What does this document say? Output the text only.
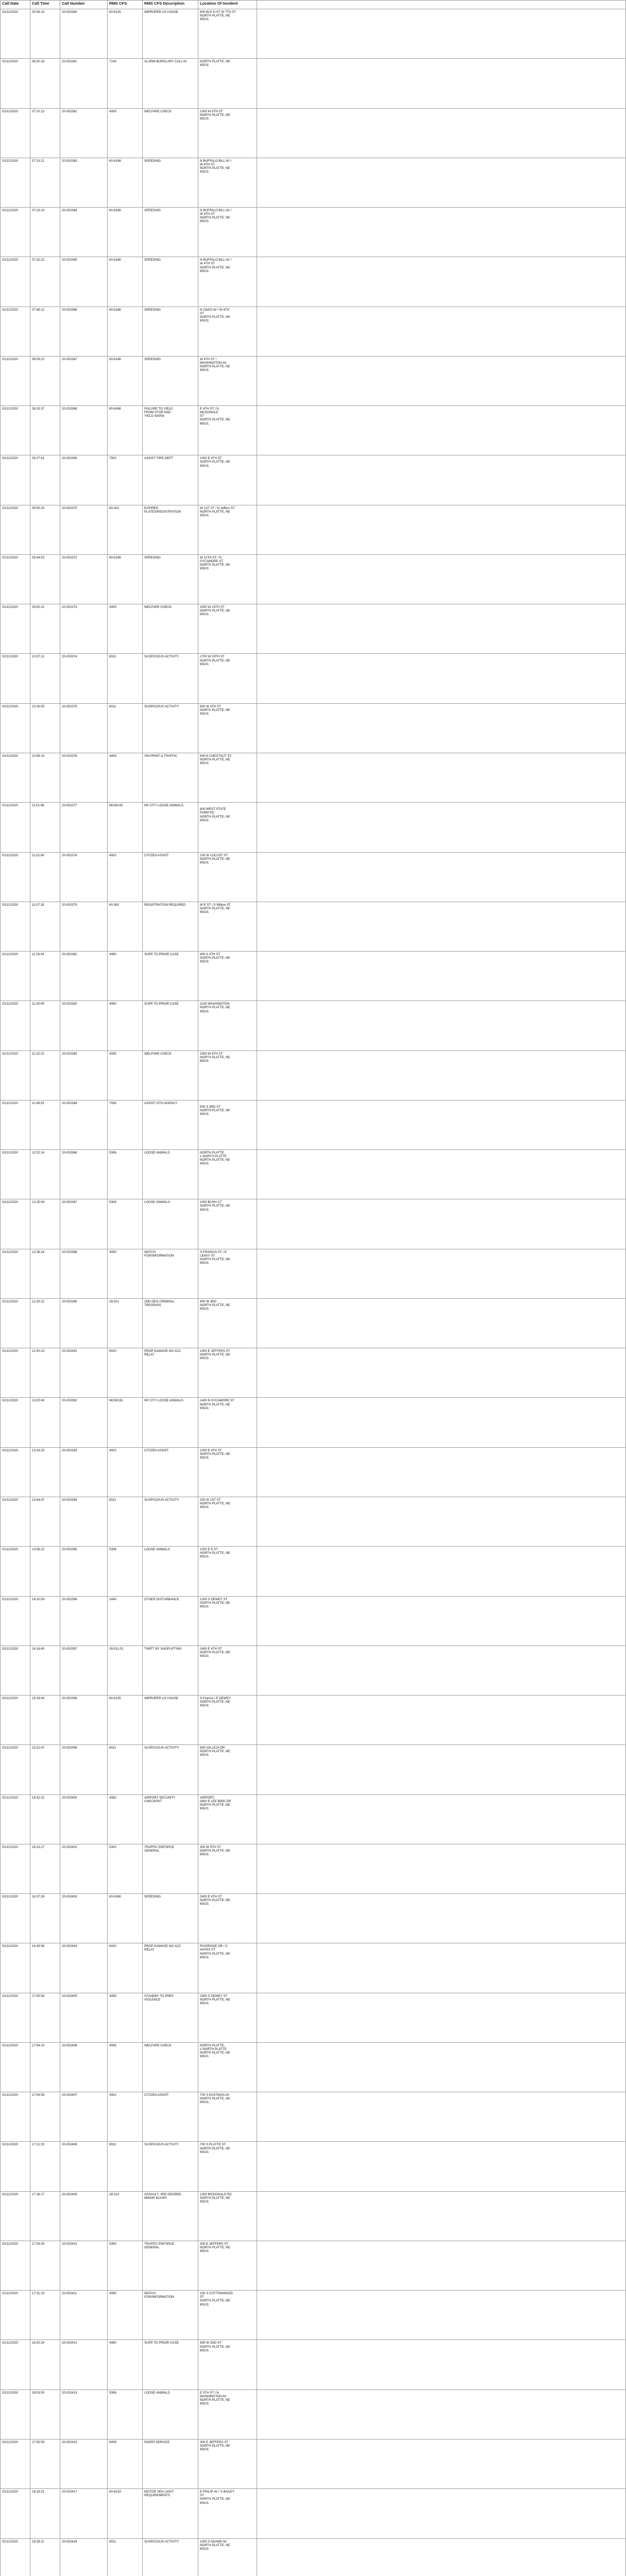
Call Date	Call Time	Call Number	RMS CFS	RMS CFS Description	Location Of Incident	
02/12/2020	00:06:10	20-002360	60-6135	IMPROPER LN USAGE	600 BLK N ST W 7TH ST
NORTH PLATTE, NE
69101	
02/12/2020	06:20:18	20-002361	7143	ALARM-BURGLARY CALL IN	NORTH PLATTE, NE
69101	
02/12/2020	07:10:13	20-002362	4005	WELFARE CHECK	1000 W 9TH ST
NORTH PLATTE, NE
69101	
02/12/2020	07:13:21	20-002363	60-6186	SPEEDING	N BUFFALO BILL AV /
W 4TH ST
NORTH PLATTE, NE
69101	
02/12/2020	07:23:10	20-002364	60-6186	SPEEDING	N BUFFALO BILL AV /
W 4TH ST
NORTH PLATTE, NE
69101	
02/12/2020	07:32:22	20-002365	60-6186	SPEEDING	N BUFFALO BILL AV /
W 4TH ST
NORTH PLATTE, NE
69101	
02/12/2020	07:46:12	20-002366	60-6186	SPEEDING	N OAKS AV / W 4TH
ST
NORTH PLATTE, NE
69101	
02/12/2020	08:09:22	20-002367	60-6186	SPEEDING	W 4TH ST /
WASHINGTON AV
NORTH PLATTE, NE
69101	
02/12/2020	08:15:37	20-002368	60-6348	FAILURE TO YIELD
FROM STOP AND
YIELD SIGNS	E 4TH ST / N
MCDONALD
ST
NORTH PLATTE, NE
69101	
02/12/2020	08:27:41	20-002369	7502	ASSIST FIRE DEPT	1000 E 4TH ST
NORTH PLATTE, NE
69101	
02/12/2020	09:05:25	20-002370	60-302	EXPIRED
PLATES/REGISTRATION	W 1ST ST / N Jeffers ST
NORTH PLATTE, NE
69101	
02/12/2020	09:44:53	20-002372	60-6186	SPEEDING	W 12TH ST / N
SYCAMORE ST
NORTH PLATTE, NE
69101	
02/12/2020	09:52:31	20-002373	4005	WELFARE CHECK	2000 W 15TH ST
NORTH PLATTE, NE
69101	
02/12/2020	10:07:12	20-002374	8011	SUSPICIOUS ACTIVITY	1700 W 20TH ST
NORTH PLATTE, NE
69101	
02/12/2020	10:16:55	20-002375	8011	SUSPICIOUS ACTIVITY	600 W 4TH ST
NORTH PLATTE, NE
69101	
02/12/2020	10:58:19	20-002376	4409	VIN PRINT & TRAFFIC	600 N CHESTNUT ST
NORTH PLATTE, NE
69101	
02/12/2020	11:01:48	20-002377	MCMU35	NP CITY LOOSE ANIMALS	
600 WEST STATE
FARM RD
NORTH PLATTE, NE
69101	
02/12/2020	11:02:08	20-002378	4002	CITIZEN ASSIST	200 W LOCUST ST
NORTH PLATTE, NE
69101	
02/12/2020	11:07:18	20-002379	60-362	REGISTRATION REQUIRED	W E ST / S Willow ST
NORTH PLATTE, NE
69101	
02/12/2020	11:28:04	20-002381	4060	SUPP TO PRIOR CASE	400 S 4TH ST
NORTH PLATTE, NE
69101	
02/12/2020	11:30:09	20-002382	4060	SUPP TO PRIOR CASE	1100 WASHINGTON
NORTH PLATTE, NE
69101	
02/12/2020	11:32:22	20-002383	4005	WELFARE CHECK	1500 W 6TH ST
NORTH PLATTE, NE
69101	
02/12/2020	11:49:53	20-002384	7506	ASSIST OTH AGENCY	
500 S 3RD ST
NORTH PLATTE, NE
69101	
02/12/2020	12:02:14	20-002386	5306	LOOSE ANIMALS	NORTH PLATTE,
1 NORTH PLATTE
NORTH PLATTE, NE
69101	
02/12/2020	12:25:09	20-002387	5306	LOOSE ANIMALS	1000 BUSH CT
NORTH PLATTE, NE
69101	
02/12/2020	12:28:24	20-002388	4050	WATCH
FOR/INFORMATION	S FRANCIS ST / E
LEAVY ST
NORTH PLATTE, NE
69101	
02/12/2020	12:30:12	20-002389	28-521	2ND DEG CRIMINAL
TRESPASS	900 W 3RD
NORTH PLATTE, NE
69101	
02/12/2020	12:50:23	20-002391	6020	PROP DAMAGE NO ACC
RELAT	1000 E JEFFERS ST
NORTH PLATTE, NE
69101	
02/12/2020	13:20:40	20-002392	MCMU35	NP CITY LOOSE ANIMALS	1400 N SYCAMORE ST
NORTH PLATTE, NE
69101	
02/12/2020	13:33:25	20-002393	4002	CITIZEN ASSIST	1000 E 4TH ST
NORTH PLATTE, NE
69101	
02/12/2020	13:44:47	20-002394	8011	SUSPICIOUS ACTIVITY	200 W 1ST ST
NORTH PLATTE, NE
69101	
02/12/2020	13:58:22	20-002395	5306	LOOSE ANIMALS	2200 E E ST
NORTH PLATTE, NE
69101	
02/12/2020	14:10:09	20-002396	2440	OTHER DISTURBANCE	1200 S DEWEY ST
NORTH PLATTE, NE
69101	
02/12/2020	14:16:40	20-002397	28-511-01	THEFT BY SHOPLIFTING	1600 E 4TH ST
NORTH PLATTE, NE
69101	
02/12/2020	15:19:40	20-002398	60-6135	IMPROPER LN USAGE	S Francis / E DEWEY
NORTH PLATTE, NE
69101	
02/12/2020	15:22:47	20-002399	8011	SUSPICIOUS ACTIVITY	600 VALLEJA DR
NORTH PLATTE, NE
69101	
02/12/2020	15:42:22	20-002400	4062	AIRPORT SECURITY
CHECKPNT	AIRPORT,
5400 E LEE BIRD DR
NORTH PLATTE, NE
69101	
02/12/2020	16:23:27	20-002402	5300	TRAFFIC ENFORCE
GENERAL	300 W 5TH ST
NORTH PLATTE, NE
69101	
02/12/2020	16:37:28	20-002403	60-6186	SPEEDING	2400 E 4TH ST
NORTH PLATTE, NE
69101	
02/12/2020	16:39:56	20-002404	6020	PROP DAMAGE NO ACC
RELAT	RIVERSIDE DR / S
HAYES ST
NORTH PLATTE, NE
69101	
02/12/2020	17:00:56	20-002405	4056	STANDBY TO PREV
VIOLENCE	1500 S DEWEY ST
NORTH PLATTE, NE
69101	
02/12/2020	17:04:10	20-002406	4005	WELFARE CHECK	NORTH PLATTE,
1 NORTH PLATTE
NORTH PLATTE, NE
69101	
02/12/2020	17:09:58	20-002407	4002	CITIZEN ASSIST	700 S EASTMAN AV
NORTH PLATTE, NE
69101	
02/12/2020	17:21:20	20-002408	8011	SUSPICIOUS ACTIVITY	700 S PLATTE ST
NORTH PLATTE, NE
69101	
02/12/2020	17:28:27	20-002409	28-310	ASSAULT- 3RD DEGREE-
MINOR INJURY	1300 MCDONALD RD
NORTH PLATTE, NE
69101	
02/12/2020	17:29:39	20-002410	5300	TRAFFIC ENFORCE
GENERAL	300 E JEFFERS ST
NORTH PLATTE, NE
69101	
02/12/2020	17:31:19	20-002411	4050	WATCH
FOR/INFORMATION	200 S COTTONWOOD
ST
NORTH PLATTE, NE
69101	
02/12/2020	18:02:24	20-002412	4060	SUPP TO PRIOR CASE	900 W 2ND ST
NORTH PLATTE, NE
69101	
02/12/2020	18:03:50	20-002413	5306	LOOSE ANIMALS	E 5TH ST / N
WASHINGTON AV
NORTH PLATTE, NE
69101	
02/12/2020	17:55:59	20-002415	8006	PAPER SERVICE	300 E JEFFERS ST
NORTH PLATTE, NE
69101	
02/12/2020	18:18:31	20-002417	60-6219	MOTOR VEH LIGHT
REQUIREMENTS	E PHILIP AV / S BAILEY
ST
NORTH PLATTE, NE
69101	
02/12/2020	18:28:11	20-002418	8011	SUSPICIOUS ACTIVITY	1000 S ADAMS AV
NORTH PLATTE, NE
69101	
